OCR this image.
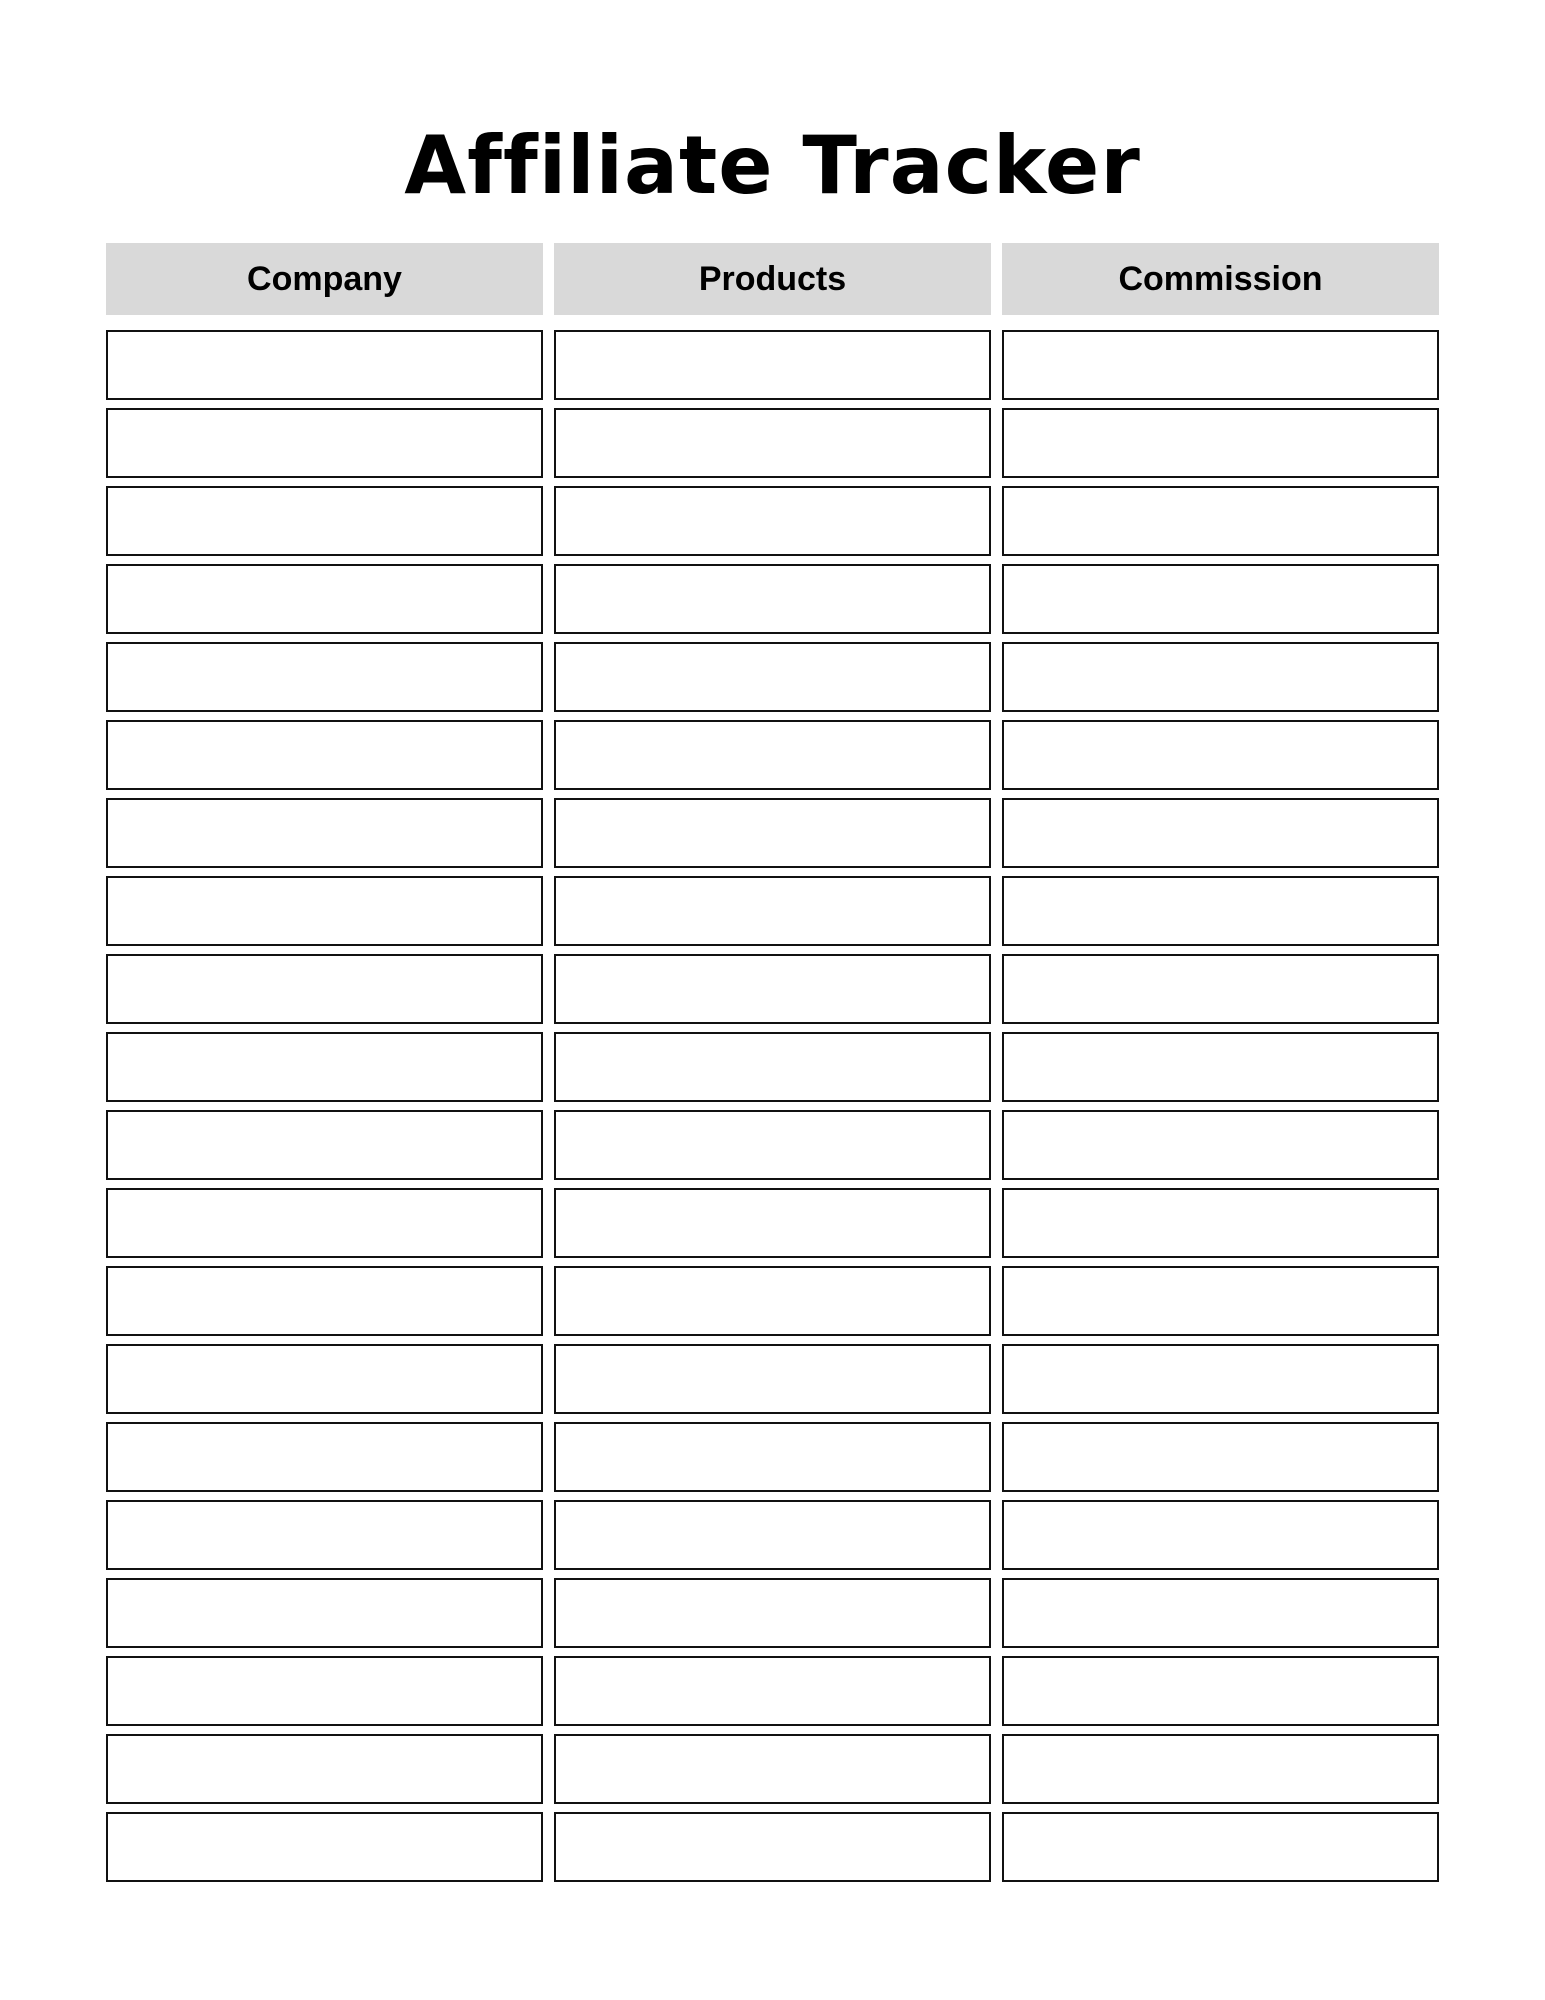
Affiliate Tracker
Company	Products	Commission
